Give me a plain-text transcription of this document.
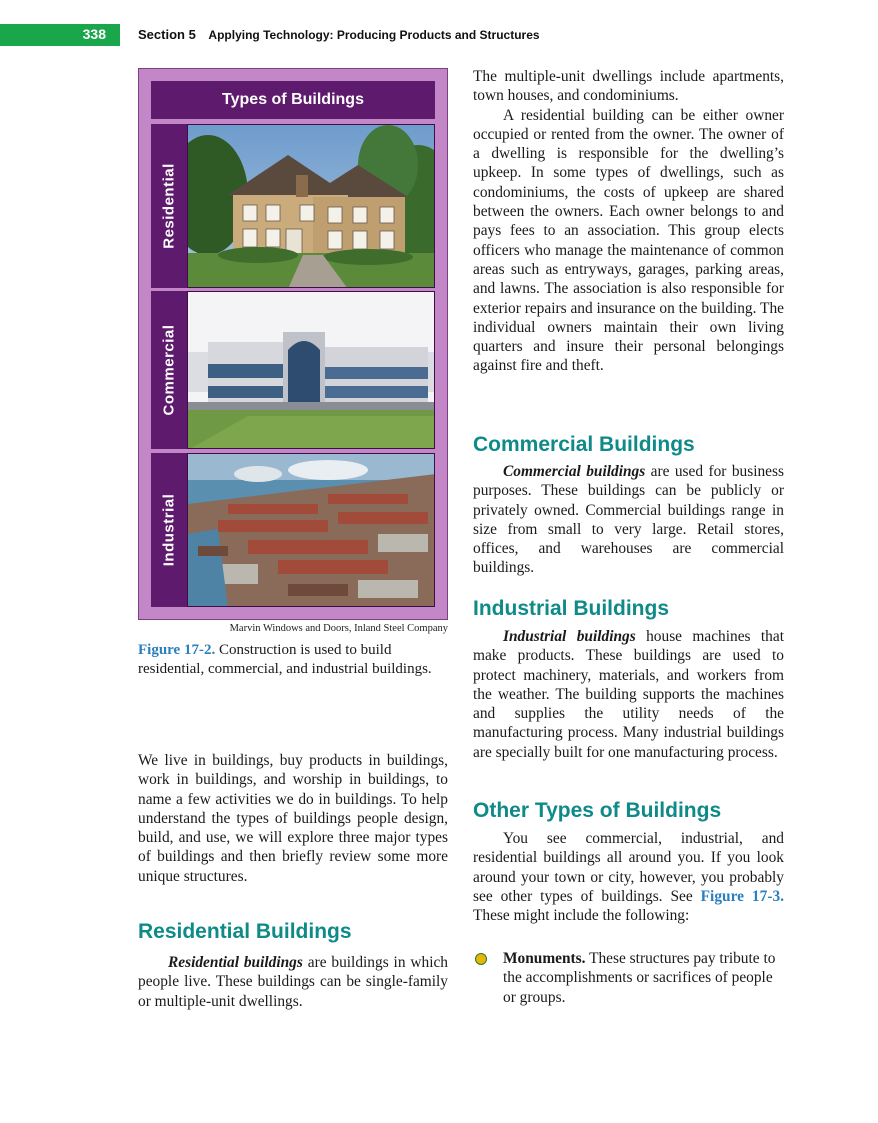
338 Section 5 Applying Technology: Producing Products and Structures
Types of Buildings
Residential
Commercial
Industrial
Marvin Windows and Doors, Inland Steel Company
Figure 17-2. Construction is used to build residential, commercial, and industrial buildings.

We live in buildings, buy products in buildings, work in buildings, and worship in buildings, to name a few activities we do in buildings. To help understand the types of buildings people design, build, and use, we will explore three major types of buildings and then briefly review some more unique structures.

Residential Buildings

Residential buildings are buildings in which people live. These buildings can be single-family or multiple-unit dwellings.

The multiple-unit dwellings include apartments, town houses, and condominiums.

A residential building can be either owner occupied or rented from the owner. The owner of a dwelling is responsible for the dwelling’s upkeep. In some types of dwellings, such as condominiums, the costs of upkeep are shared between the owners. Each owner belongs to and pays fees to an association. This group elects officers who manage the maintenance of common areas such as entryways, garages, parking areas, and lawns. The association is also responsible for exterior repairs and insurance on the building. The individual owners maintain their own living quarters and insure their personal belongings against fire and theft.

Commercial Buildings

Commercial buildings are used for business purposes. These buildings can be publicly or privately owned. Commercial buildings range in size from small to very large. Retail stores, offices, and warehouses are commercial buildings.

Industrial Buildings

Industrial buildings house machines that make products. These buildings are used to protect machinery, materials, and workers from the weather. The building supports the machines and supplies the utility needs of the manufacturing process. Many industrial buildings are specially built for one manufacturing process.

Other Types of Buildings

You see commercial, industrial, and residential buildings all around you. If you look around your town or city, however, you probably see other types of buildings. See Figure 17-3. These might include the following:

Monuments. These structures pay tribute to the accomplishments or sacrifices of people or groups.
